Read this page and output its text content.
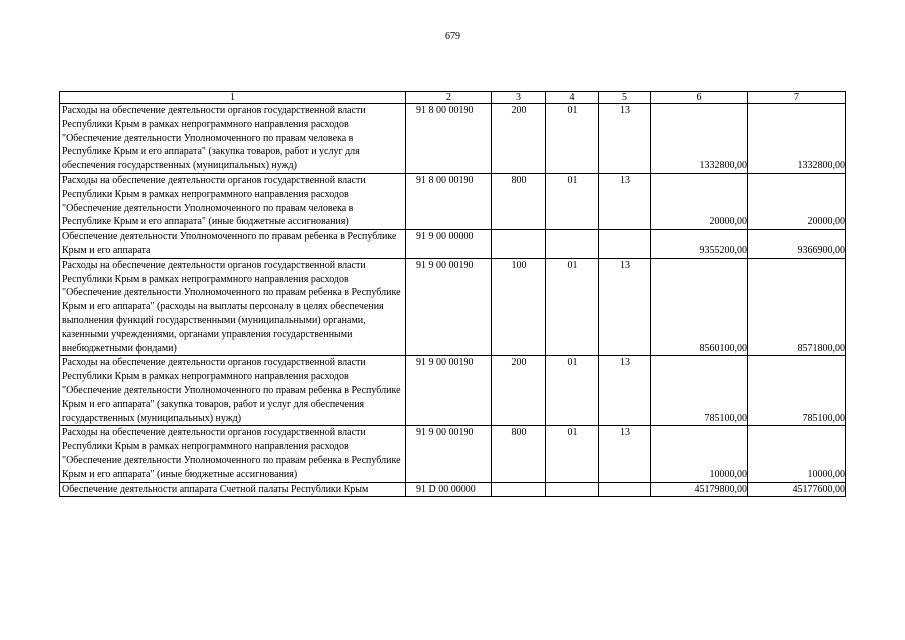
679
1	2	3	4	5	6	7
Расходы на обеспечение деятельности органов государственной власти Республики Крым в рамках непрограммного направления расходов "Обеспечение деятельности Уполномоченного по правам человека в Республике Крым и его аппарата" (закупка товаров, работ и услуг для обеспечения государственных (муниципальных) нужд)	91 8 00 00190	200	01	13	1332800,00	1332800,00
Расходы на обеспечение деятельности органов государственной власти Республики Крым в рамках непрограммного направления расходов "Обеспечение деятельности Уполномоченного по правам человека в Республике Крым и его аппарата" (иные бюджетные ассигнования)	91 8 00 00190	800	01	13	20000,00	20000,00
Обеспечение деятельности Уполномоченного по правам ребенка в Республике Крым и его аппарата	91 9 00 00000				9355200,00	9366900,00
Расходы на обеспечение деятельности органов государственной власти Республики Крым в рамках непрограммного направления расходов "Обеспечение деятельности Уполномоченного по правам ребенка в Республике Крым и его аппарата" (расходы на выплаты персоналу в целях обеспечения выполнения функций государственными (муниципальными) органами, казенными учреждениями, органами управления государственными внебюджетными фондами)	91 9 00 00190	100	01	13	8560100,00	8571800,00
Расходы на обеспечение деятельности органов государственной власти Республики Крым в рамках непрограммного направления расходов "Обеспечение деятельности Уполномоченного по правам ребенка в Республике Крым и его аппарата" (закупка товаров, работ и услуг для обеспечения государственных (муниципальных) нужд)	91 9 00 00190	200	01	13	785100,00	785100,00
Расходы на обеспечение деятельности органов государственной власти Республики Крым в рамках непрограммного направления расходов "Обеспечение деятельности Уполномоченного по правам ребенка в Республике Крым и его аппарата" (иные бюджетные ассигнования)	91 9 00 00190	800	01	13	10000,00	10000,00
Обеспечение деятельности аппарата Счетной палаты Республики Крым	91 D 00 00000				45179800,00	45177600,00
